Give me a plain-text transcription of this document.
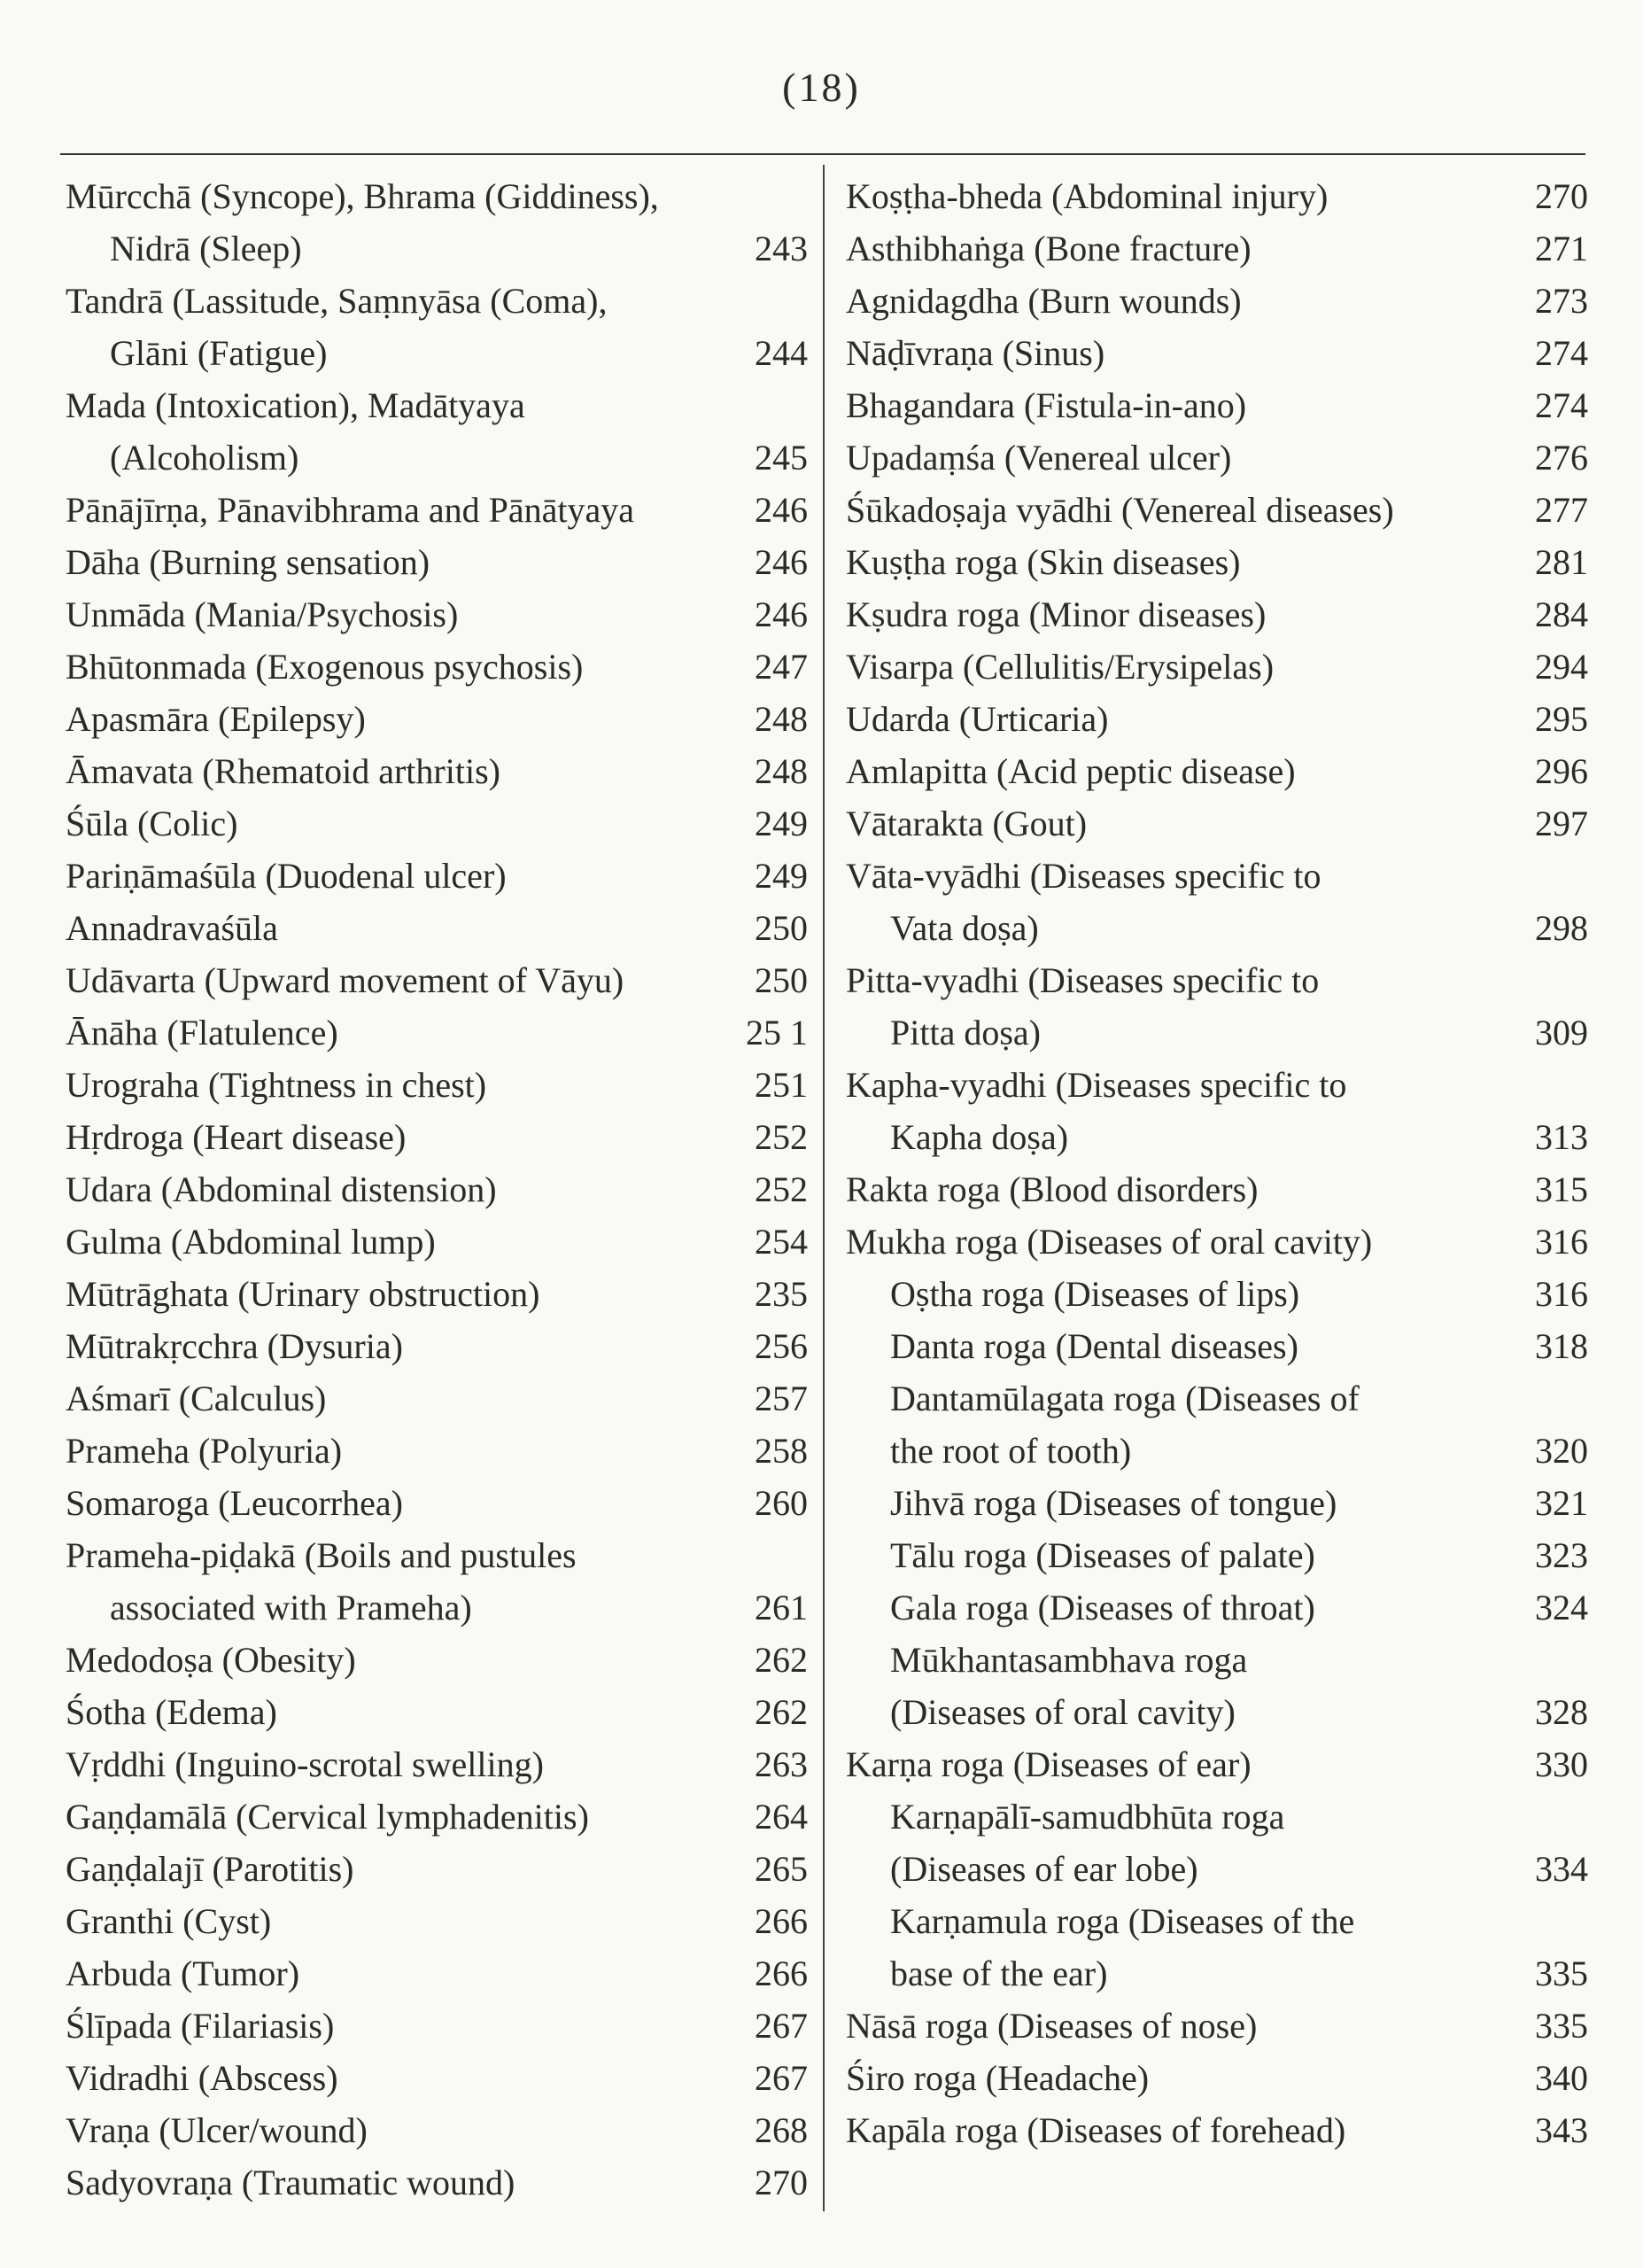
(18)
Mūrcchā (Syncope), Bhrama (Giddiness),
Nidrā (Sleep)	243
Tandrā (Lassitude, Saṃnyāsa (Coma),
Glāni (Fatigue)	244
Mada (Intoxication), Madātyaya
(Alcoholism)	245
Pānājīrṇa, Pānavibhrama and Pānātyaya	246
Dāha (Burning sensation)	246
Unmāda (Mania/Psychosis)	246
Bhūtonmada (Exogenous psychosis)	247
Apasmāra (Epilepsy)	248
Āmavata (Rhematoid arthritis)	248
Śūla (Colic)	249
Pariṇāmaśūla (Duodenal ulcer)	249
Annadravaśūla	250
Udāvarta (Upward movement of Vāyu)	250
Ānāha (Flatulence)	25 1
Urograha (Tightness in chest)	251
Hṛdroga (Heart disease)	252
Udara (Abdominal distension)	252
Gulma (Abdominal lump)	254
Mūtrāghata (Urinary obstruction)	235
Mūtrakṛcchra (Dysuria)	256
Aśmarī (Calculus)	257
Prameha (Polyuria)	258
Somaroga (Leucorrhea)	260
Prameha-piḍakā (Boils and pustules
associated with Prameha)	261
Medodoṣa (Obesity)	262
Śotha (Edema)	262
Vṛddhi (Inguino-scrotal swelling)	263
Gaṇḍamālā (Cervical lymphadenitis)	264
Gaṇḍalajī (Parotitis)	265
Granthi (Cyst)	266
Arbuda (Tumor)	266
Ślīpada (Filariasis)	267
Vidradhi (Abscess)	267
Vraṇa (Ulcer/wound)	268
Sadyovraṇa (Traumatic wound)	270
Koṣṭha-bheda (Abdominal injury)	270
Asthibhaṅga (Bone fracture)	271
Agnidagdha (Burn wounds)	273
Nāḍīvraṇa (Sinus)	274
Bhagandara (Fistula-in-ano)	274
Upadaṃśa (Venereal ulcer)	276
Śūkadoṣaja vyādhi (Venereal diseases)	277
Kuṣṭha roga (Skin diseases)	281
Kṣudra roga (Minor diseases)	284
Visarpa (Cellulitis/Erysipelas)	294
Udarda (Urticaria)	295
Amlapitta (Acid peptic disease)	296
Vātarakta (Gout)	297
Vāta-vyādhi (Diseases specific to
Vata doṣa)	298
Pitta-vyadhi (Diseases specific to
Pitta doṣa)	309
Kapha-vyadhi (Diseases specific to
Kapha doṣa)	313
Rakta roga (Blood disorders)	315
Mukha roga (Diseases of oral cavity)	316
Oṣtha roga (Diseases of lips)	316
Danta roga (Dental diseases)	318
Dantamūlagata roga (Diseases of
the root of tooth)	320
Jihvā roga (Diseases of tongue)	321
Tālu roga (Diseases of palate)	323
Gala roga (Diseases of throat)	324
Mūkhantasambhava roga
(Diseases of oral cavity)	328
Karṇa roga (Diseases of ear)	330
Karṇapālī-samudbhūta roga
(Diseases of ear lobe)	334
Karṇamula roga (Diseases of the
base of the ear)	335
Nāsā roga (Diseases of nose)	335
Śiro roga (Headache)	340
Kapāla roga (Diseases of forehead)	343
